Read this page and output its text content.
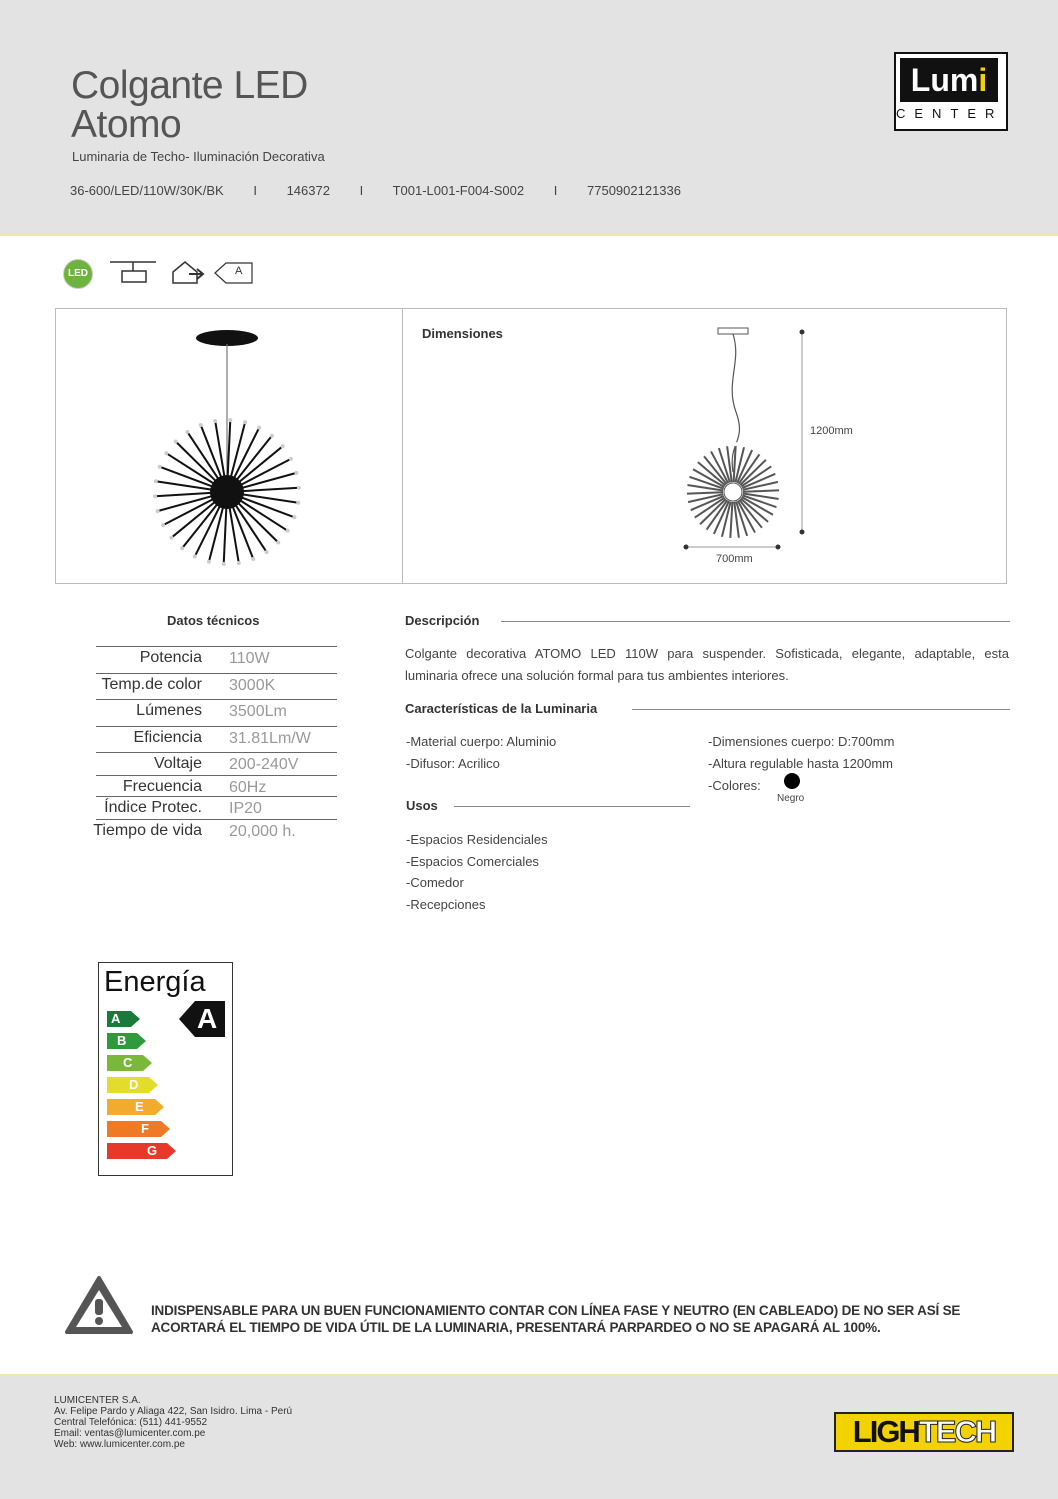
Colgante LED
Atomo
Luminaria de Techo- Iluminación Decorativa
36-600/LED/110W/30K/BK I 146372 I T001-L001-F004-S002 I 7750902121336
Lumi
CENTER
LED	A
Dimensiones
1200mm
700mm
Datos técnicos
Potencia 110W
Temp.de color 3000K
Lúmenes 3500Lm
Eficiencia 31.81Lm/W
Voltaje 200-240V
Frecuencia 60Hz
Índice Protec. IP20
Tiempo de vida 20,000 h.
Descripción
Colgante decorativa ATOMO LED 110W para suspender. Sofisticada, elegante, adaptable, esta
luminaria ofrece una solución formal para tus ambientes interiores.
Características de la Luminaria
-Material cuerpo: Aluminio
-Difusor: Acrilico
-Dimensiones cuerpo: D:700mm
-Altura regulable hasta 1200mm
-Colores:
Negro
Usos
-Espacios Residenciales
-Espacios Comerciales
-Comedor
-Recepciones
Energía
A
B
C
D
E
F
G
A
INDISPENSABLE PARA UN BUEN FUNCIONAMIENTO CONTAR CON LÍNEA FASE Y NEUTRO (EN CABLEADO) DE NO SER ASÍ SE
ACORTARÁ EL TIEMPO DE VIDA ÚTIL DE LA LUMINARIA, PRESENTARÁ PARPARDEO O NO SE APAGARÁ AL 100%.
LUMICENTER S.A.
Av. Felipe Pardo y Aliaga 422, San Isidro. Lima - Perú
Central Telefónica: (511) 441-9552
Email: ventas@lumicenter.com.pe
Web: www.lumicenter.com.pe	LIGHTECH
